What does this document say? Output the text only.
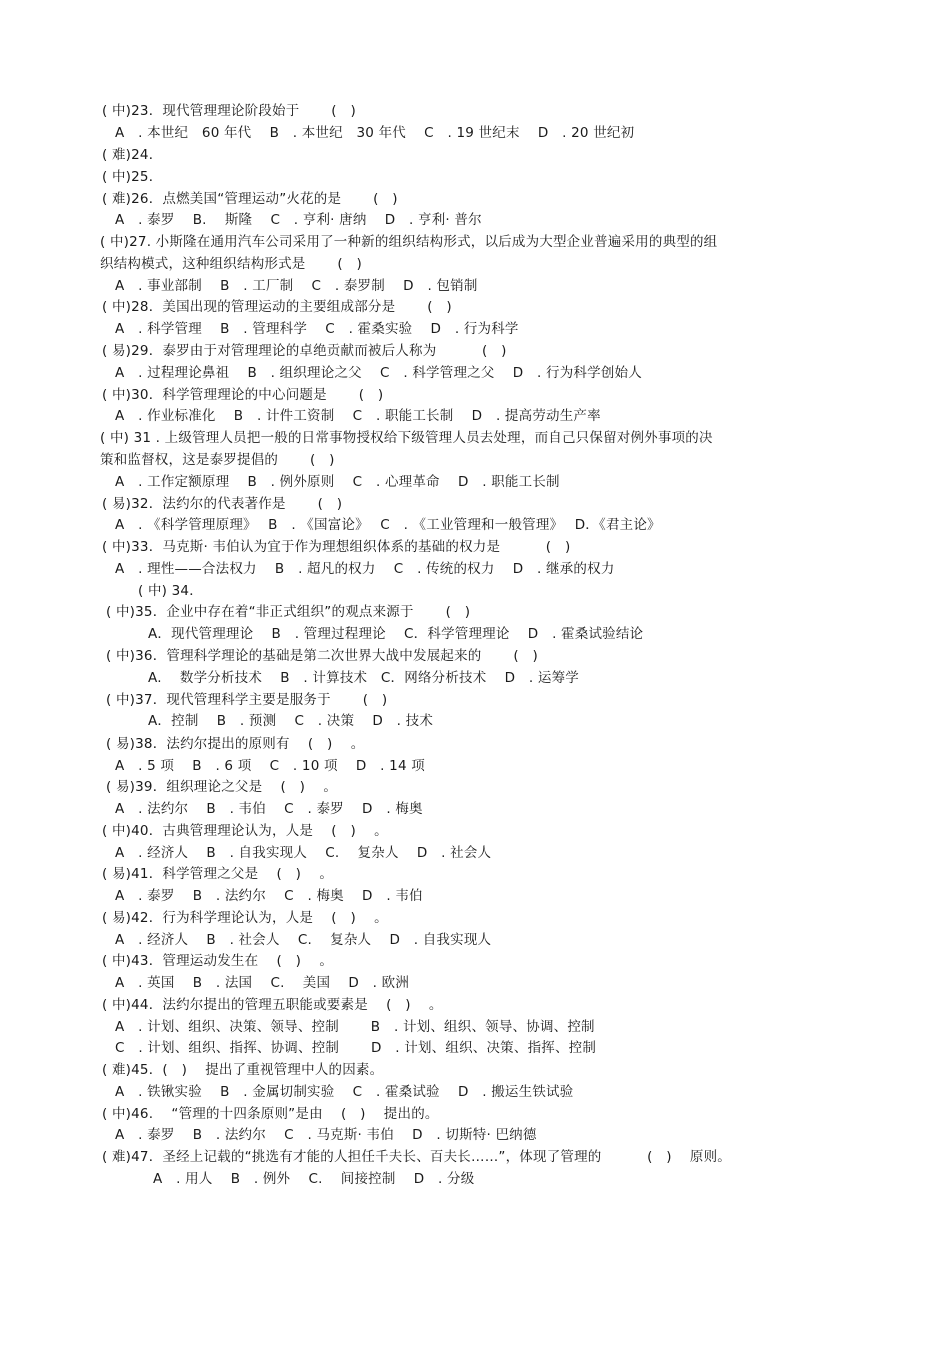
( 中)23．现代管理理论阶段始于　　 (　)
A　. 本世纪　60 年代　 B　. 本世纪　30 年代　 C　. 19 世纪末　 D　. 20 世纪初
( 难)24．
( 中)25．
( 难)26．点燃美国“管理运动”火花的是　　 (　)
A　. 泰罗　 B.　 斯隆　 C　. 亨利· 唐纳　 D　. 亨利· 普尔
( 中)27. 小斯隆在通用汽车公司采用了一种新的组织结构形式，以后成为大型企业普遍采用的典型的组
织结构模式，这种组织结构形式是　　 (　)
A　. 事业部制　 B　. 工厂制　 C　. 泰罗制　 D　. 包销制
( 中)28．美国出现的管理运动的主要组成部分是　　 (　)
A　. 科学管理　 B　. 管理科学　 C　. 霍桑实验　 D　. 行为科学
( 易)29．泰罗由于对管理理论的卓绝贡献而被后人称为　　　 (　)
A　. 过程理论鼻祖　 B　. 组织理论之父　 C　. 科学管理之父　 D　. 行为科学创始人
( 中)30．科学管理理论的中心问题是　　 (　)
A　. 作业标准化　 B　. 计件工资制　 C　. 职能工长制　 D　. 提高劳动生产率
( 中) 31 . 上级管理人员把一般的日常事物授权给下级管理人员去处理，而自己只保留对例外事项的决
策和监督权，这是泰罗提倡的　　 (　)
A　. 工作定额原理　 B　. 例外原则　 C　. 心理革命　 D　. 职能工长制
( 易)32．法约尔的代表著作是　　 (　)
A　. 《科学管理原理》　 B　. 《国富论》　 C　. 《工业管理和一般管理》　 D．《君主论》
( 中)33．马克斯· 韦伯认为宜于作为理想组织体系的基础的权力是　　　 (　)
A　. 理性——合法权力　 B　. 超凡的权力　 C　. 传统的权力　 D　. 继承的权力
( 中) 34．
( 中)35．企业中存在着“非正式组织”的观点来源于　　 (　)
A．现代管理理论　 B　. 管理过程理论　 C．科学管理理论　 D　. 霍桑试验结论
( 中)36．管理科学理论的基础是第二次世界大战中发展起来的　　 (　)
A.　 数学分析技术　 B　. 计算技术　C．网络分析技术　 D　. 运筹学
( 中)37．现代管理科学主要是服务于　　 (　)
A．控制　 B　. 预测　 C　. 决策　 D　. 技术
( 易)38．法约尔提出的原则有　 (　)　 。
A　. 5 项　 B　. 6 项　 C　. 10 项　 D　. 14 项
( 易)39．组织理论之父是　 (　)　 。
A　. 法约尔　 B　. 韦伯　 C　. 泰罗　 D　. 梅奥
( 中)40．古典管理理论认为，人是　 (　)　 。
A　. 经济人　 B　. 自我实现人　 C.　 复杂人　 D　. 社会人
( 易)41．科学管理之父是　 (　)　 。
A　. 泰罗　 B　. 法约尔　 C　. 梅奥　 D　. 韦伯
( 易)42．行为科学理论认为，人是　 (　)　 。
A　. 经济人　 B　. 社会人　 C.　 复杂人　 D　. 自我实现人
( 中)43．管理运动发生在　 (　)　 。
A　. 英国　 B　. 法国　 C.　 美国　 D　. 欧洲
( 中)44．法约尔提出的管理五职能或要素是　 (　)　 。
A　. 计划、组织、决策、领导、控制　　 B　. 计划、组织、领导、协调、控制
C　. 计划、组织、指挥、协调、控制　　 D　. 计划、组织、决策、指挥、控制
( 难)45．(　)　 提出了重视管理中人的因素。
A　. 铁锹实验　 B　. 金属切制实验　 C　. 霍桑试验　 D　. 搬运生铁试验
( 中)46.　 “管理的十四条原则”是由　 (　)　 提出的。
A　. 泰罗　 B　. 法约尔　 C　. 马克斯· 韦伯　 D　. 切斯特· 巴纳德
( 难)47．圣经上记载的“挑选有才能的人担任千夫长、百夫长……”，体现了管理的　　　 (　)　 原则。
A　. 用人　 B　. 例外　 C.　 间接控制　 D　. 分级
